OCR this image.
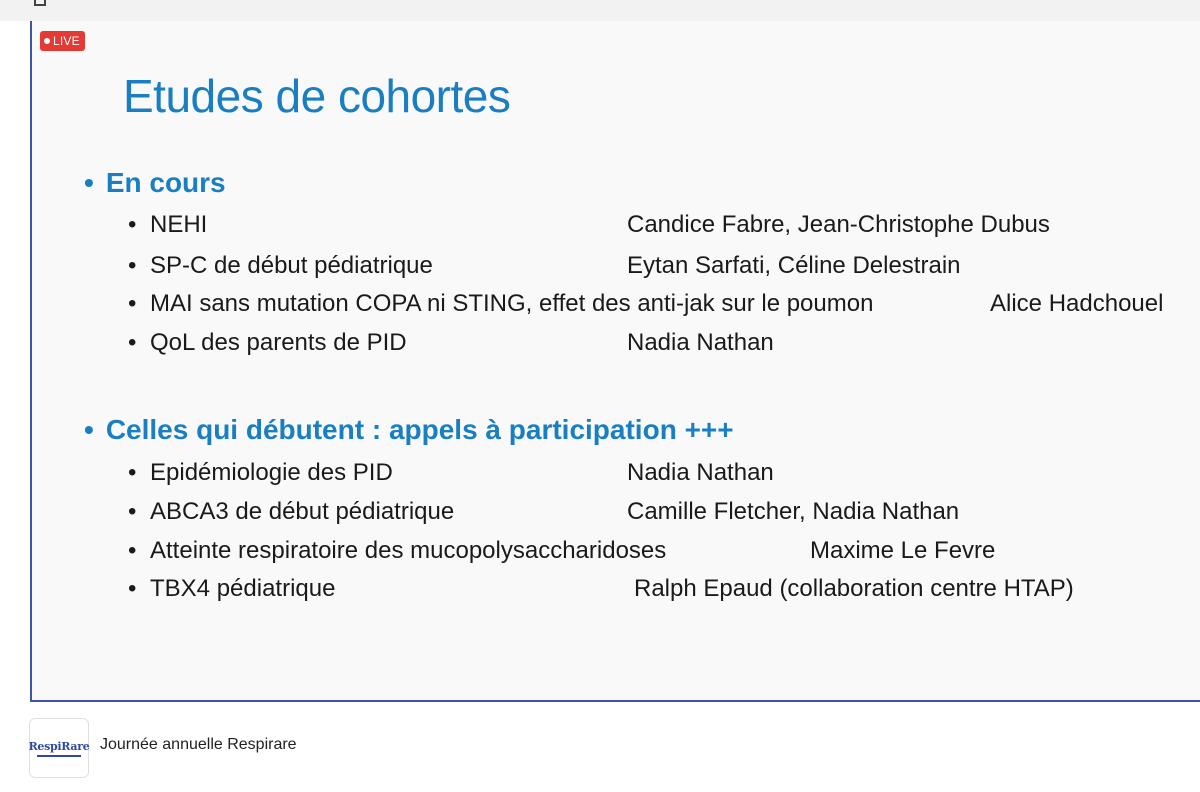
LIVE
Etudes de cohortes
• En cours
• NEHI	Candice Fabre, Jean-Christophe Dubus
• SP-C de début pédiatrique	Eytan Sarfati, Céline Delestrain
• MAI sans mutation COPA ni STING, effet des anti-jak sur le poumon	Alice Hadchouel
• QoL des parents de PID	Nadia Nathan
• Celles qui débutent : appels à participation +++
• Epidémiologie des PID	Nadia Nathan
• ABCA3 de début pédiatrique	Camille Fletcher, Nadia Nathan
• Atteinte respiratoire des mucopolysaccharidoses	Maxime Le Fevre
• TBX4 pédiatrique	Ralph Epaud (collaboration centre HTAP)
RespiRare Journée annuelle Respirare
